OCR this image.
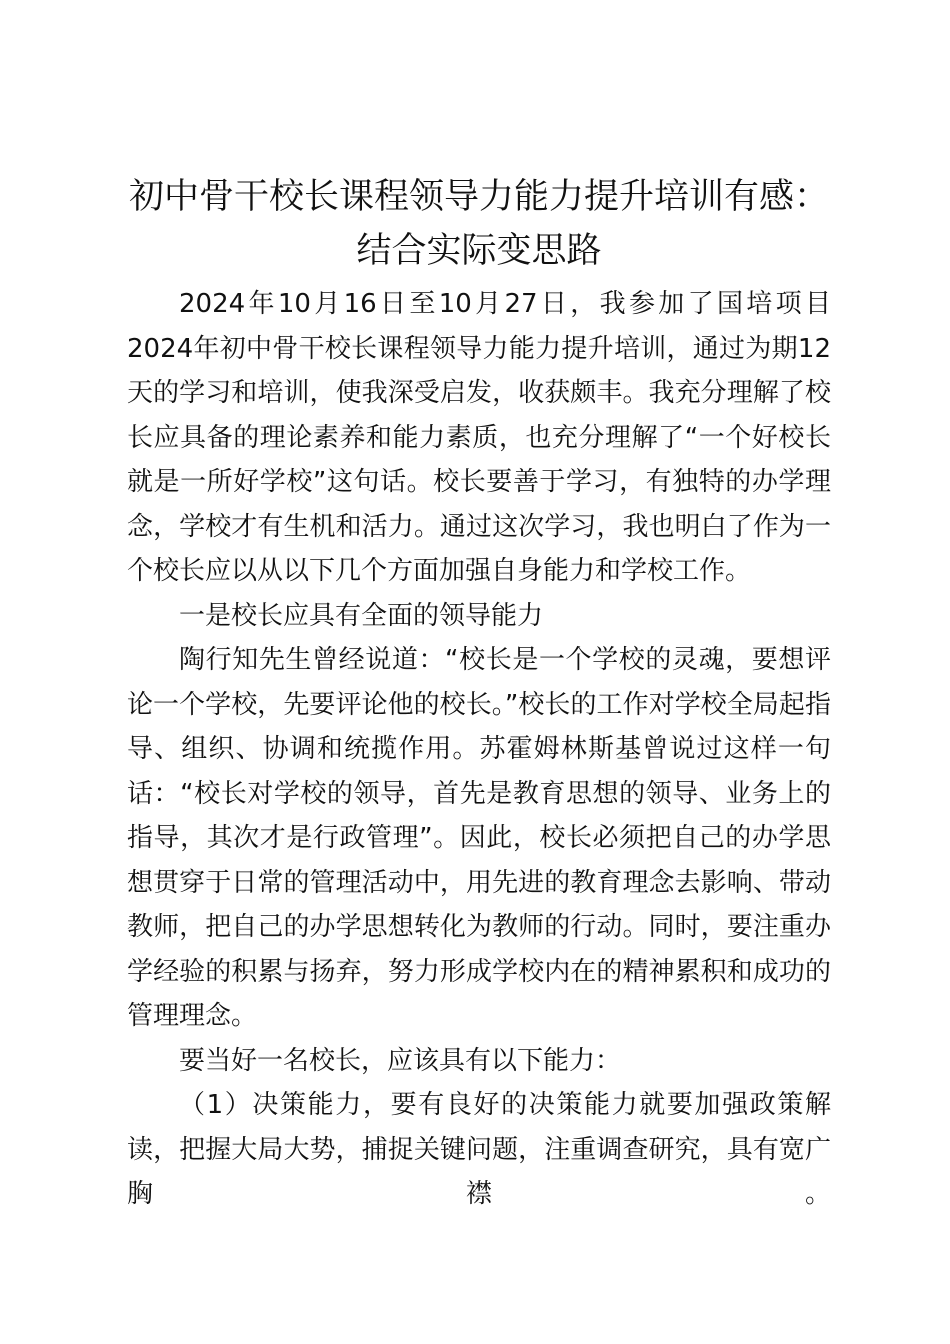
初中骨干校长课程领导力能力提升培训有感：
结合实际变思路

2024年10月16日至10月27日，我参加了国培项目2024年初中骨干校长课程领导力能力提升培训，通过为期12天的学习和培训，使我深受启发，收获颇丰。我充分理解了校长应具备的理论素养和能力素质，也充分理解了“一个好校长就是一所好学校”这句话。校长要善于学习，有独特的办学理念，学校才有生机和活力。通过这次学习，我也明白了作为一个校长应以从以下几个方面加强自身能力和学校工作。

一是校长应具有全面的领导能力

陶行知先生曾经说道：“校长是一个学校的灵魂，要想评论一个学校，先要评论他的校长。”校长的工作对学校全局起指导、组织、协调和统揽作用。苏霍姆林斯基曾说过这样一句话：“校长对学校的领导，首先是教育思想的领导、业务上的指导，其次才是行政管理”。因此，校长必须把自己的办学思想贯穿于日常的管理活动中，用先进的教育理念去影响、带动教师，把自己的办学思想转化为教师的行动。同时，要注重办学经验的积累与扬弃，努力形成学校内在的精神累积和成功的管理理念。

要当好一名校长，应该具有以下能力：

（1）决策能力，要有良好的决策能力就要加强政策解读，把握大局大势，捕捉关键问题，注重调查研究，具有宽广胸襟。
